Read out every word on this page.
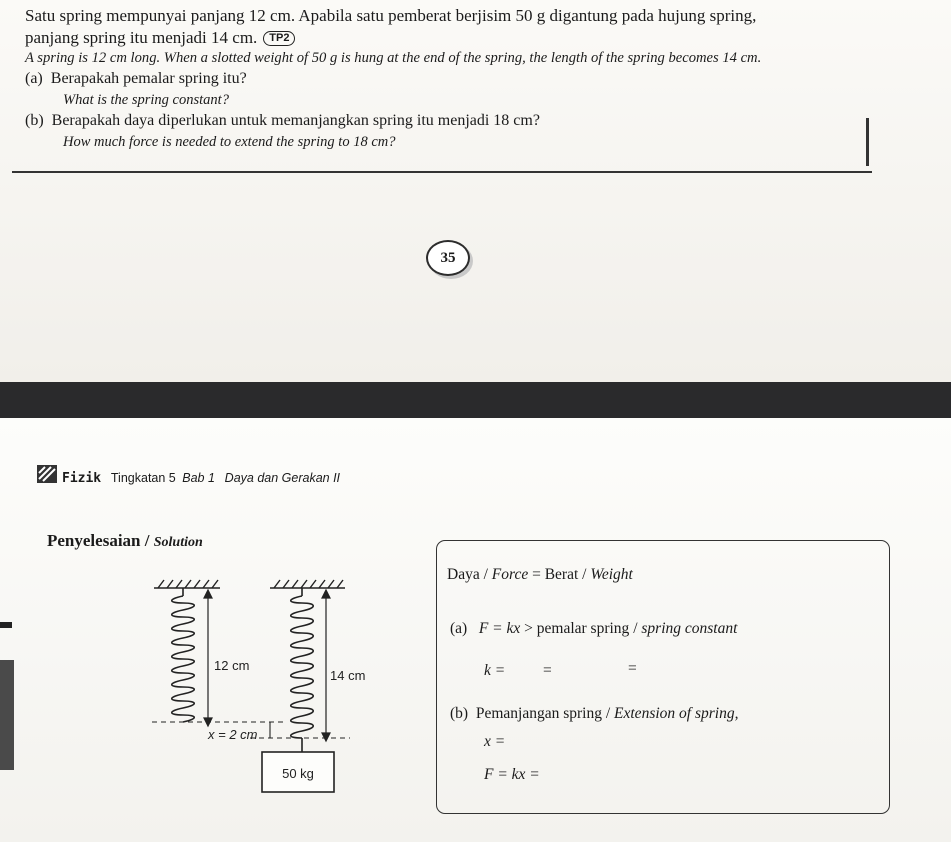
Satu spring mempunyai panjang 12 cm. Apabila satu pemberat berjisim 50 g digantung pada hujung spring,
panjang spring itu menjadi 14 cm. TP2
A spring is 12 cm long. When a slotted weight of 50 g is hung at the end of the spring, the length of the spring becomes 14 cm.
(a) Berapakah pemalar spring itu?
What is the spring constant?
(b) Berapakah daya diperlukan untuk memanjangkan spring itu menjadi 18 cm?
How much force is needed to extend the spring to 18 cm?
35
Fizik Tingkatan 5 Bab 1 Daya dan Gerakan II
Penyelesaian / Solution
12 cm
14 cm
x = 2 cm
50 kg
Daya / Force = Berat / Weight
(a) F = kx > pemalar spring / spring constant
k = =	=
(b) Pemanjangan spring / Extension of spring,
x =
F = kx =
